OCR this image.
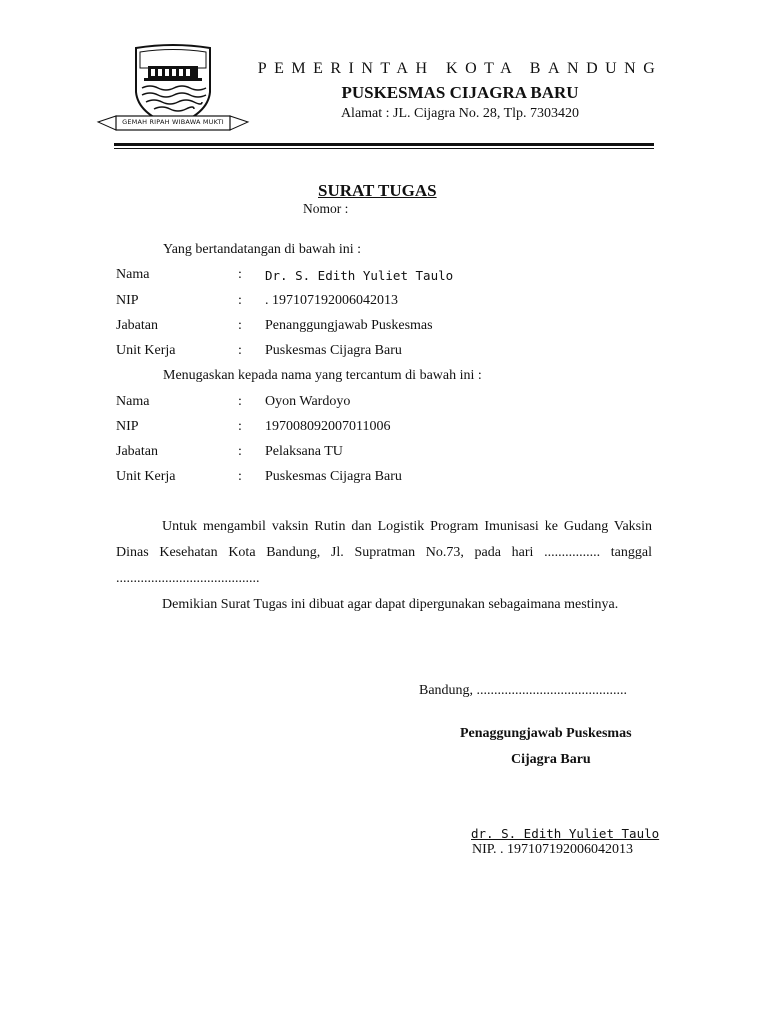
GEMAH RIPAH WIBAWA MUKTI
PEMERINTAH KOTA BANDUNG
PUSKESMAS CIJAGRA BARU
Alamat : JL. Cijagra No. 28, Tlp. 7303420
SURAT TUGAS
Nomor :
Yang bertandatangan di bawah ini :
Nama	: Dr. S. Edith Yuliet Taulo
NIP	: . 197107192006042013
Jabatan	: Penanggungjawab Puskesmas
Unit Kerja	: Puskesmas Cijagra Baru
Menugaskan kepada nama yang tercantum di bawah ini :
Nama	: Oyon Wardoyo
NIP	: 197008092007011006
Jabatan	: Pelaksana TU
Unit Kerja	: Puskesmas Cijagra Baru
Untuk mengambil vaksin Rutin dan Logistik Program Imunisasi ke Gudang Vaksin Dinas Kesehatan Kota Bandung, Jl. Supratman No.73, pada hari ................ tanggal .........................................
Demikian Surat Tugas ini dibuat agar dapat dipergunakan sebagaimana mestinya.
Bandung, ...........................................
Penaggungjawab Puskesmas
Cijagra Baru
dr. S. Edith Yuliet Taulo
NIP. . 197107192006042013
